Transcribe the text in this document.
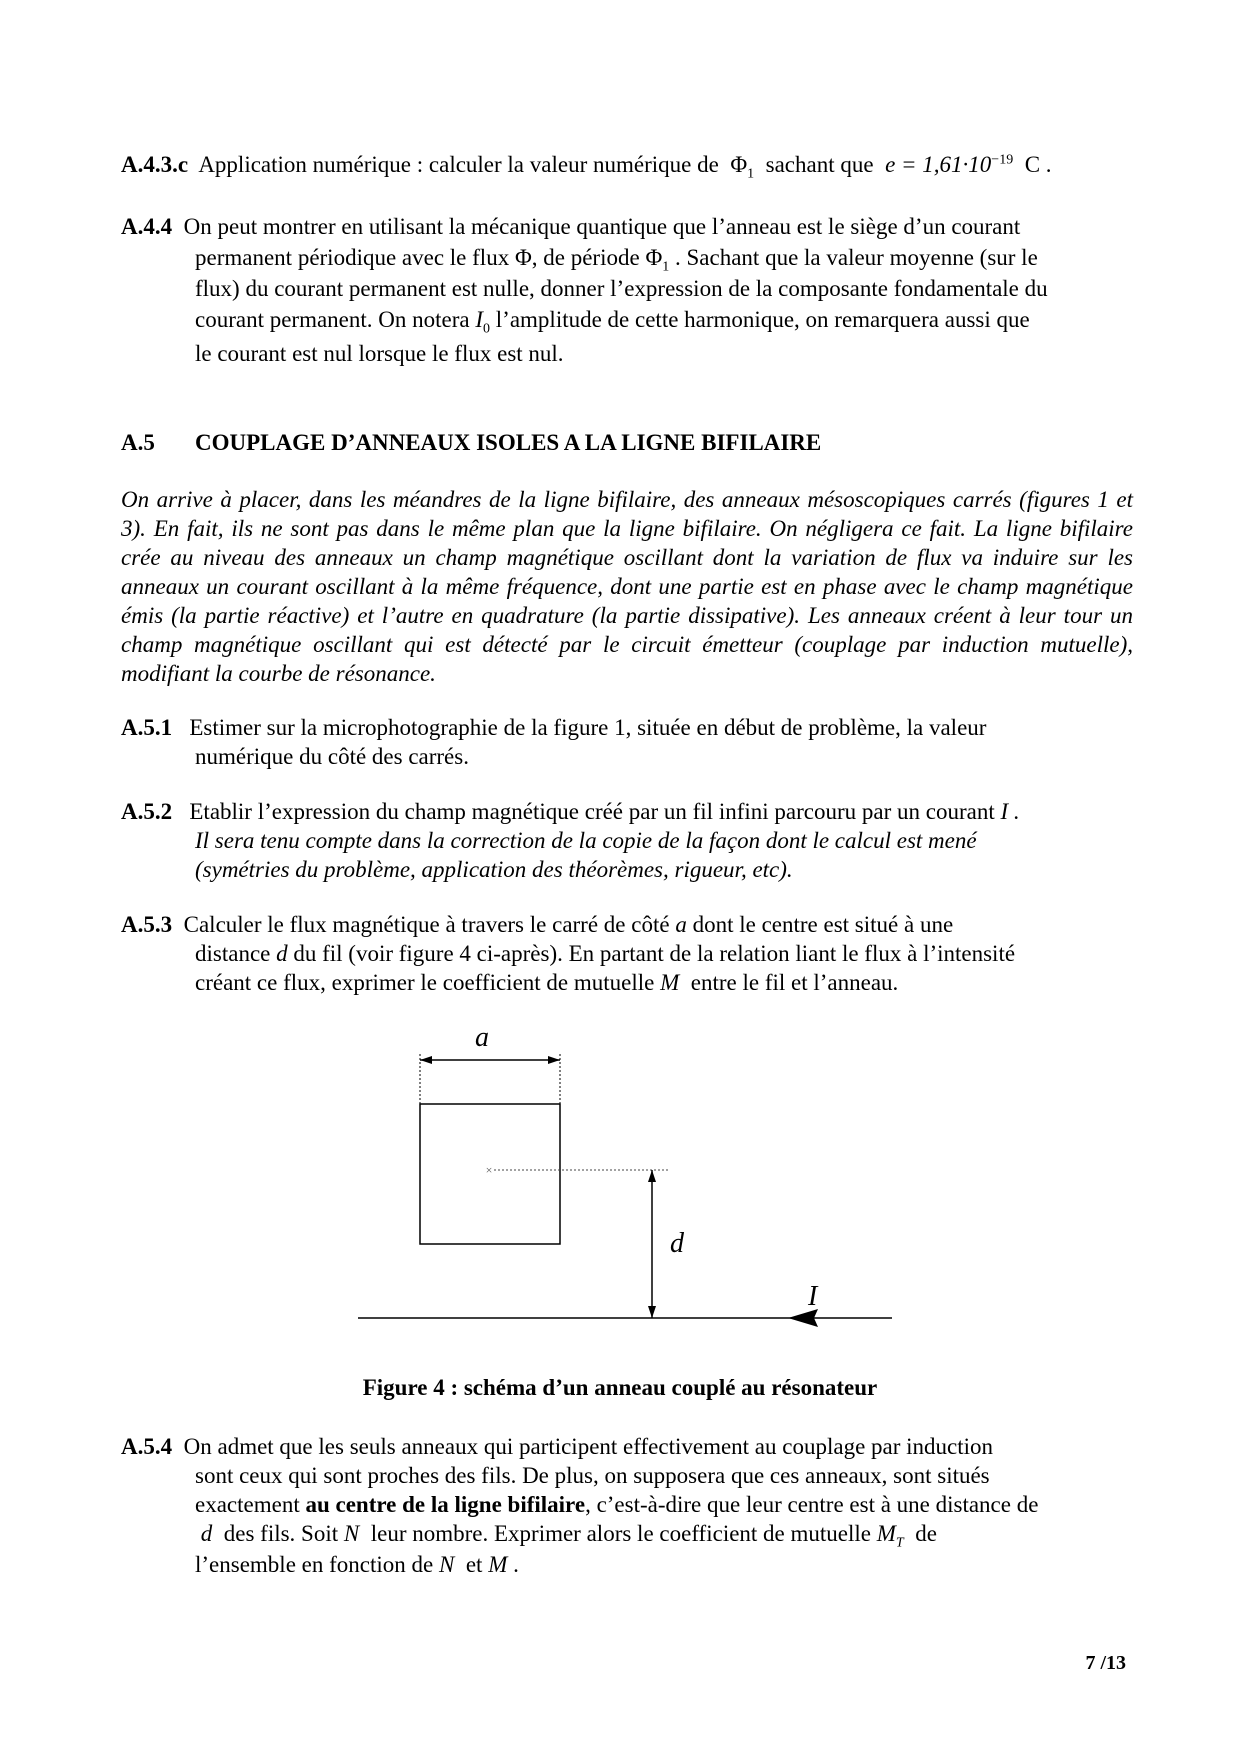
A.4.3.c Application numérique : calculer la valeur numérique de $\Phi_1$ sachant que $e = 1,61\cdot 10^{-19}$ C .
A.4.4 On peut montrer en utilisant la mécanique quantique que l’anneau est le siège d’un courant
permanent périodique avec le flux Φ, de période $\Phi_1$ . Sachant que la valeur moyenne (sur le
flux) du courant permanent est nulle, donner l’expression de la composante fondamentale du
courant permanent. On notera $I_0$ l’amplitude de cette harmonique, on remarquera aussi que
le courant est nul lorsque le flux est nul.
A.5 COUPLAGE D’ANNEAUX ISOLES A LA LIGNE BIFILAIRE
On arrive à placer, dans les méandres de la ligne bifilaire, des anneaux mésoscopiques carrés (figures 1 et 3). En fait, ils ne sont pas dans le même plan que la ligne bifilaire. On négligera ce fait. La ligne bifilaire crée au niveau des anneaux un champ magnétique oscillant dont la variation de flux va induire sur les anneaux un courant oscillant à la même fréquence, dont une partie est en phase avec le champ magnétique émis (la partie réactive) et l’autre en quadrature (la partie dissipative). Les anneaux créent à leur tour un champ magnétique oscillant qui est détecté par le circuit émetteur (couplage par induction mutuelle), modifiant la courbe de résonance.
A.5.1 Estimer sur la microphotographie de la figure 1, située en début de problème, la valeur
numérique du côté des carrés.
A.5.2 Etablir l’expression du champ magnétique créé par un fil infini parcouru par un courant I .
Il sera tenu compte dans la correction de la copie de la façon dont le calcul est mené
(symétries du problème, application des théorèmes, rigueur, etc).
A.5.3 Calculer le flux magnétique à travers le carré de côté a dont le centre est situé à une
distance d du fil (voir figure 4 ci-après). En partant de la relation liant le flux à l’intensité
créant ce flux, exprimer le coefficient de mutuelle M entre le fil et l’anneau.
a
×
d
I
Figure 4 : schéma d’un anneau couplé au résonateur
A.5.4 On admet que les seuls anneaux qui participent effectivement au couplage par induction
sont ceux qui sont proches des fils. De plus, on supposera que ces anneaux, sont situés
exactement au centre de la ligne bifilaire, c’est-à-dire que leur centre est à une distance de
d des fils. Soit N leur nombre. Exprimer alors le coefficient de mutuelle $M_T$ de
l’ensemble en fonction de N et M .
7 /13
